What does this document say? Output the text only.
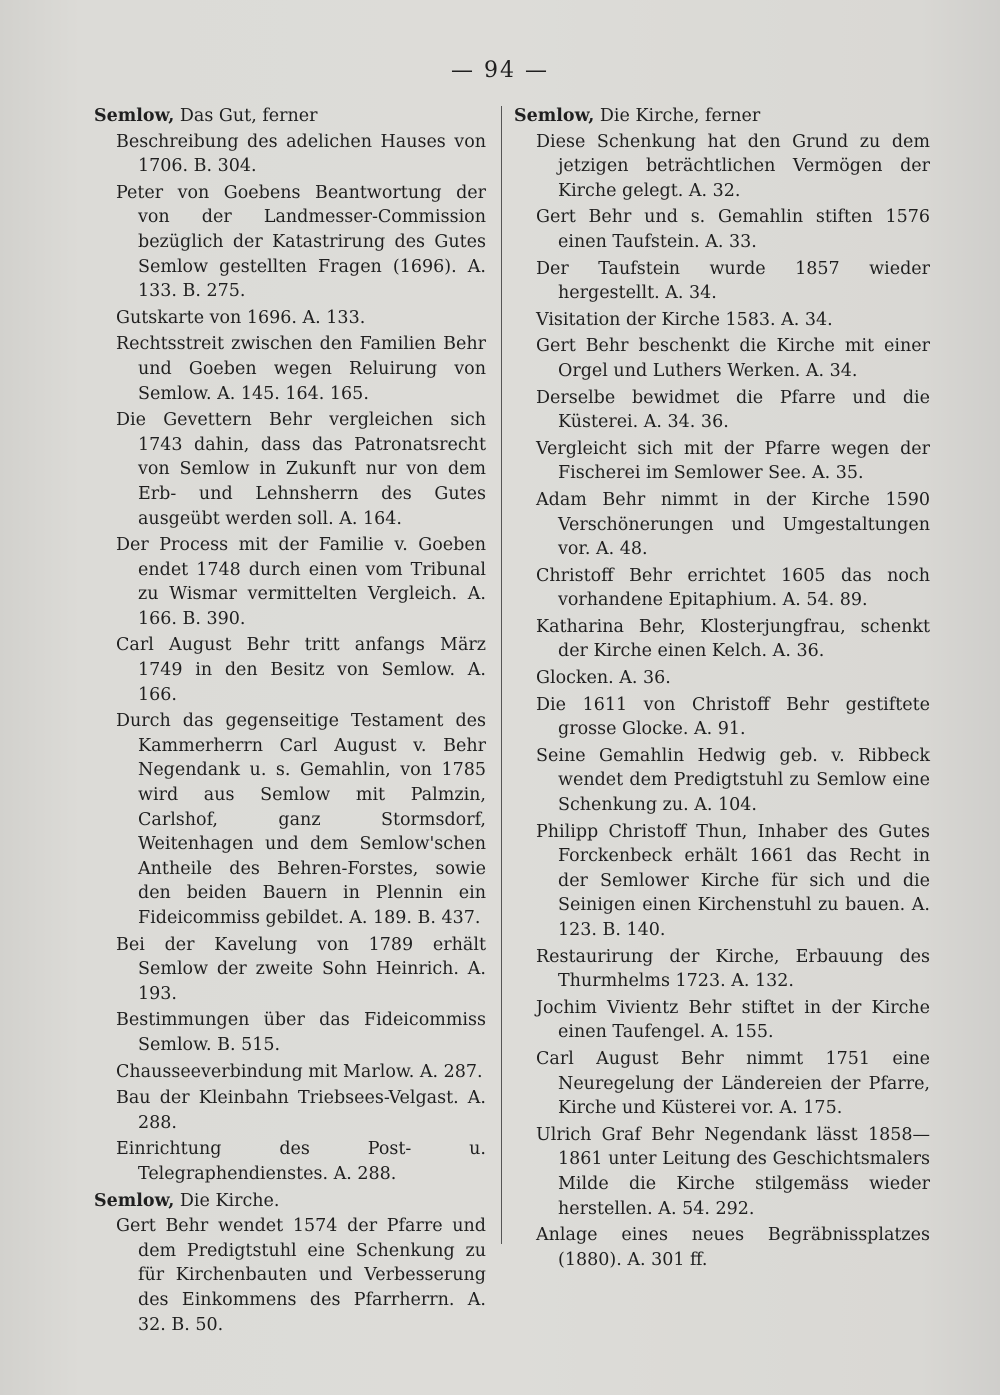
— 94 —

Semlow, Das Gut, ferner

Beschreibung des adelichen Hauses von 1706. B. 304.

Peter von Goebens Beantwortung der von der Landmesser-Commission bezüglich der Katastrirung des Gutes Semlow gestellten Fragen (1696). A. 133. B. 275.

Gutskarte von 1696. A. 133.

Rechtsstreit zwischen den Familien Behr und Goeben wegen Reluirung von Semlow. A. 145. 164. 165.

Die Gevettern Behr vergleichen sich 1743 dahin, dass das Patronatsrecht von Semlow in Zukunft nur von dem Erb- und Lehnsherrn des Gutes ausgeübt werden soll. A. 164.

Der Process mit der Familie v. Goeben endet 1748 durch einen vom Tribunal zu Wismar vermittelten Vergleich. A. 166. B. 390.

Carl August Behr tritt anfangs März 1749 in den Besitz von Semlow. A. 166.

Durch das gegenseitige Testament des Kammerherrn Carl August v. Behr Negendank u. s. Gemahlin, von 1785 wird aus Semlow mit Palmzin, Carlshof, ganz Stormsdorf, Weitenhagen und dem Semlow'schen Antheile des Behren-Forstes, sowie den beiden Bauern in Plennin ein Fideicommiss gebildet. A. 189. B. 437.

Bei der Kavelung von 1789 erhält Semlow der zweite Sohn Heinrich. A. 193.

Bestimmungen über das Fideicommiss Semlow. B. 515.

Chausseeverbindung mit Marlow. A. 287.

Bau der Kleinbahn Triebsees-Velgast. A. 288.

Einrichtung des Post- u. Telegraphendienstes. A. 288.

Semlow, Die Kirche.

Gert Behr wendet 1574 der Pfarre und dem Predigtstuhl eine Schenkung zu für Kirchenbauten und Verbesserung des Einkommens des Pfarrherrn. A. 32. B. 50.

Semlow, Die Kirche, ferner

Diese Schenkung hat den Grund zu dem jetzigen beträchtlichen Vermögen der Kirche gelegt. A. 32.

Gert Behr und s. Gemahlin stiften 1576 einen Taufstein. A. 33.

Der Taufstein wurde 1857 wieder hergestellt. A. 34.

Visitation der Kirche 1583. A. 34.

Gert Behr beschenkt die Kirche mit einer Orgel und Luthers Werken. A. 34.

Derselbe bewidmet die Pfarre und die Küsterei. A. 34. 36.

Vergleicht sich mit der Pfarre wegen der Fischerei im Semlower See. A. 35.

Adam Behr nimmt in der Kirche 1590 Verschönerungen und Umgestaltungen vor. A. 48.

Christoff Behr errichtet 1605 das noch vorhandene Epitaphium. A. 54. 89.

Katharina Behr, Klosterjungfrau, schenkt der Kirche einen Kelch. A. 36.

Glocken. A. 36.

Die 1611 von Christoff Behr gestiftete grosse Glocke. A. 91.

Seine Gemahlin Hedwig geb. v. Ribbeck wendet dem Predigtstuhl zu Semlow eine Schenkung zu. A. 104.

Philipp Christoff Thun, Inhaber des Gutes Forckenbeck erhält 1661 das Recht in der Semlower Kirche für sich und die Seinigen einen Kirchenstuhl zu bauen. A. 123. B. 140.

Restaurirung der Kirche, Erbauung des Thurmhelms 1723. A. 132.

Jochim Vivientz Behr stiftet in der Kirche einen Taufengel. A. 155.

Carl August Behr nimmt 1751 eine Neuregelung der Ländereien der Pfarre, Kirche und Küsterei vor. A. 175.

Ulrich Graf Behr Negendank lässt 1858—1861 unter Leitung des Geschichtsmalers Milde die Kirche stilgemäss wieder herstellen. A. 54. 292.

Anlage eines neues Begräbnissplatzes (1880). A. 301 ff.
